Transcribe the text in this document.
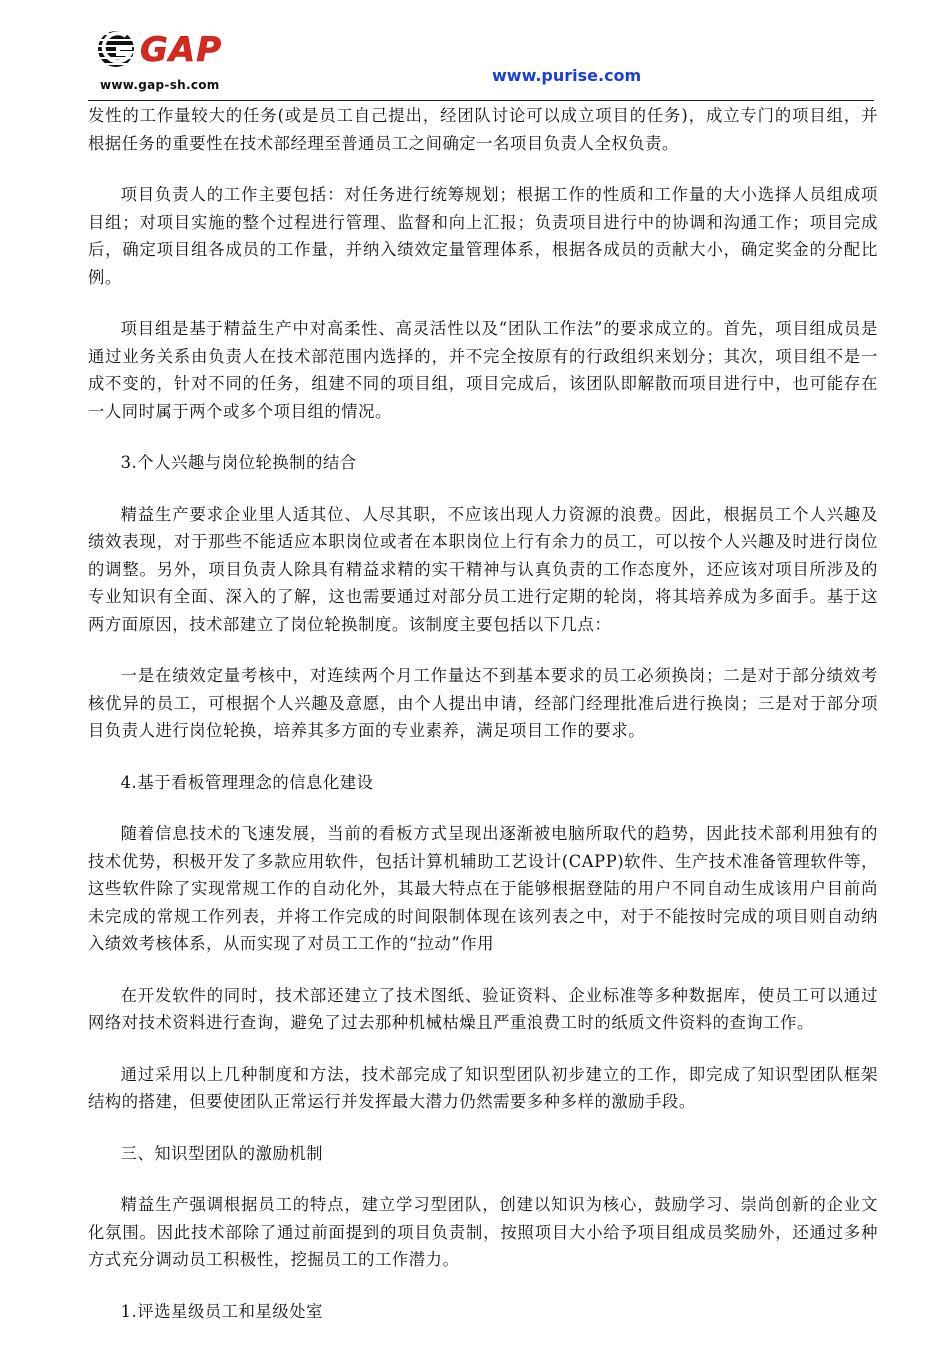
GAP
www.gap-sh.com	www.purise.com

发性的工作量较大的任务(或是员工自己提出，经团队讨论可以成立项目的任务)，成立专门的项目组，并根据任务的重要性在技术部经理至普通员工之间确定一名项目负责人全权负责。

项目负责人的工作主要包括：对任务进行统筹规划；根据工作的性质和工作量的大小选择人员组成项目组；对项目实施的整个过程进行管理、监督和向上汇报；负责项目进行中的协调和沟通工作；项目完成后，确定项目组各成员的工作量，并纳入绩效定量管理体系，根据各成员的贡献大小，确定奖金的分配比例。

项目组是基于精益生产中对高柔性、高灵活性以及“团队工作法”的要求成立的。首先，项目组成员是通过业务关系由负责人在技术部范围内选择的，并不完全按原有的行政组织来划分；其次，项目组不是一成不变的，针对不同的任务，组建不同的项目组，项目完成后，该团队即解散而项目进行中，也可能存在一人同时属于两个或多个项目组的情况。

3.个人兴趣与岗位轮换制的结合

精益生产要求企业里人适其位、人尽其职，不应该出现人力资源的浪费。因此，根据员工个人兴趣及绩效表现，对于那些不能适应本职岗位或者在本职岗位上行有余力的员工，可以按个人兴趣及时进行岗位的调整。另外，项目负责人除具有精益求精的实干精神与认真负责的工作态度外，还应该对项目所涉及的专业知识有全面、深入的了解，这也需要通过对部分员工进行定期的轮岗，将其培养成为多面手。基于这两方面原因，技术部建立了岗位轮换制度。该制度主要包括以下几点：

一是在绩效定量考核中，对连续两个月工作量达不到基本要求的员工必须换岗；二是对于部分绩效考核优异的员工，可根据个人兴趣及意愿，由个人提出申请，经部门经理批准后进行换岗；三是对于部分项目负责人进行岗位轮换，培养其多方面的专业素养，满足项目工作的要求。

4.基于看板管理理念的信息化建设

随着信息技术的飞速发展，当前的看板方式呈现出逐渐被电脑所取代的趋势，因此技术部利用独有的技术优势，积极开发了多款应用软件，包括计算机辅助工艺设计(CAPP)软件、生产技术准备管理软件等，这些软件除了实现常规工作的自动化外，其最大特点在于能够根据登陆的用户不同自动生成该用户目前尚未完成的常规工作列表，并将工作完成的时间限制体现在该列表之中，对于不能按时完成的项目则自动纳入绩效考核体系，从而实现了对员工工作的“拉动”作用

在开发软件的同时，技术部还建立了技术图纸、验证资料、企业标准等多种数据库，使员工可以通过网络对技术资料进行查询，避免了过去那种机械枯燥且严重浪费工时的纸质文件资料的查询工作。

通过采用以上几种制度和方法，技术部完成了知识型团队初步建立的工作，即完成了知识型团队框架结构的搭建，但要使团队正常运行并发挥最大潜力仍然需要多种多样的激励手段。

三、知识型团队的激励机制

精益生产强调根据员工的特点，建立学习型团队，创建以知识为核心，鼓励学习、崇尚创新的企业文化氛围。因此技术部除了通过前面提到的项目负责制，按照项目大小给予项目组成员奖励外，还通过多种方式充分调动员工积极性，挖掘员工的工作潜力。

1.评选星级员工和星级处室
